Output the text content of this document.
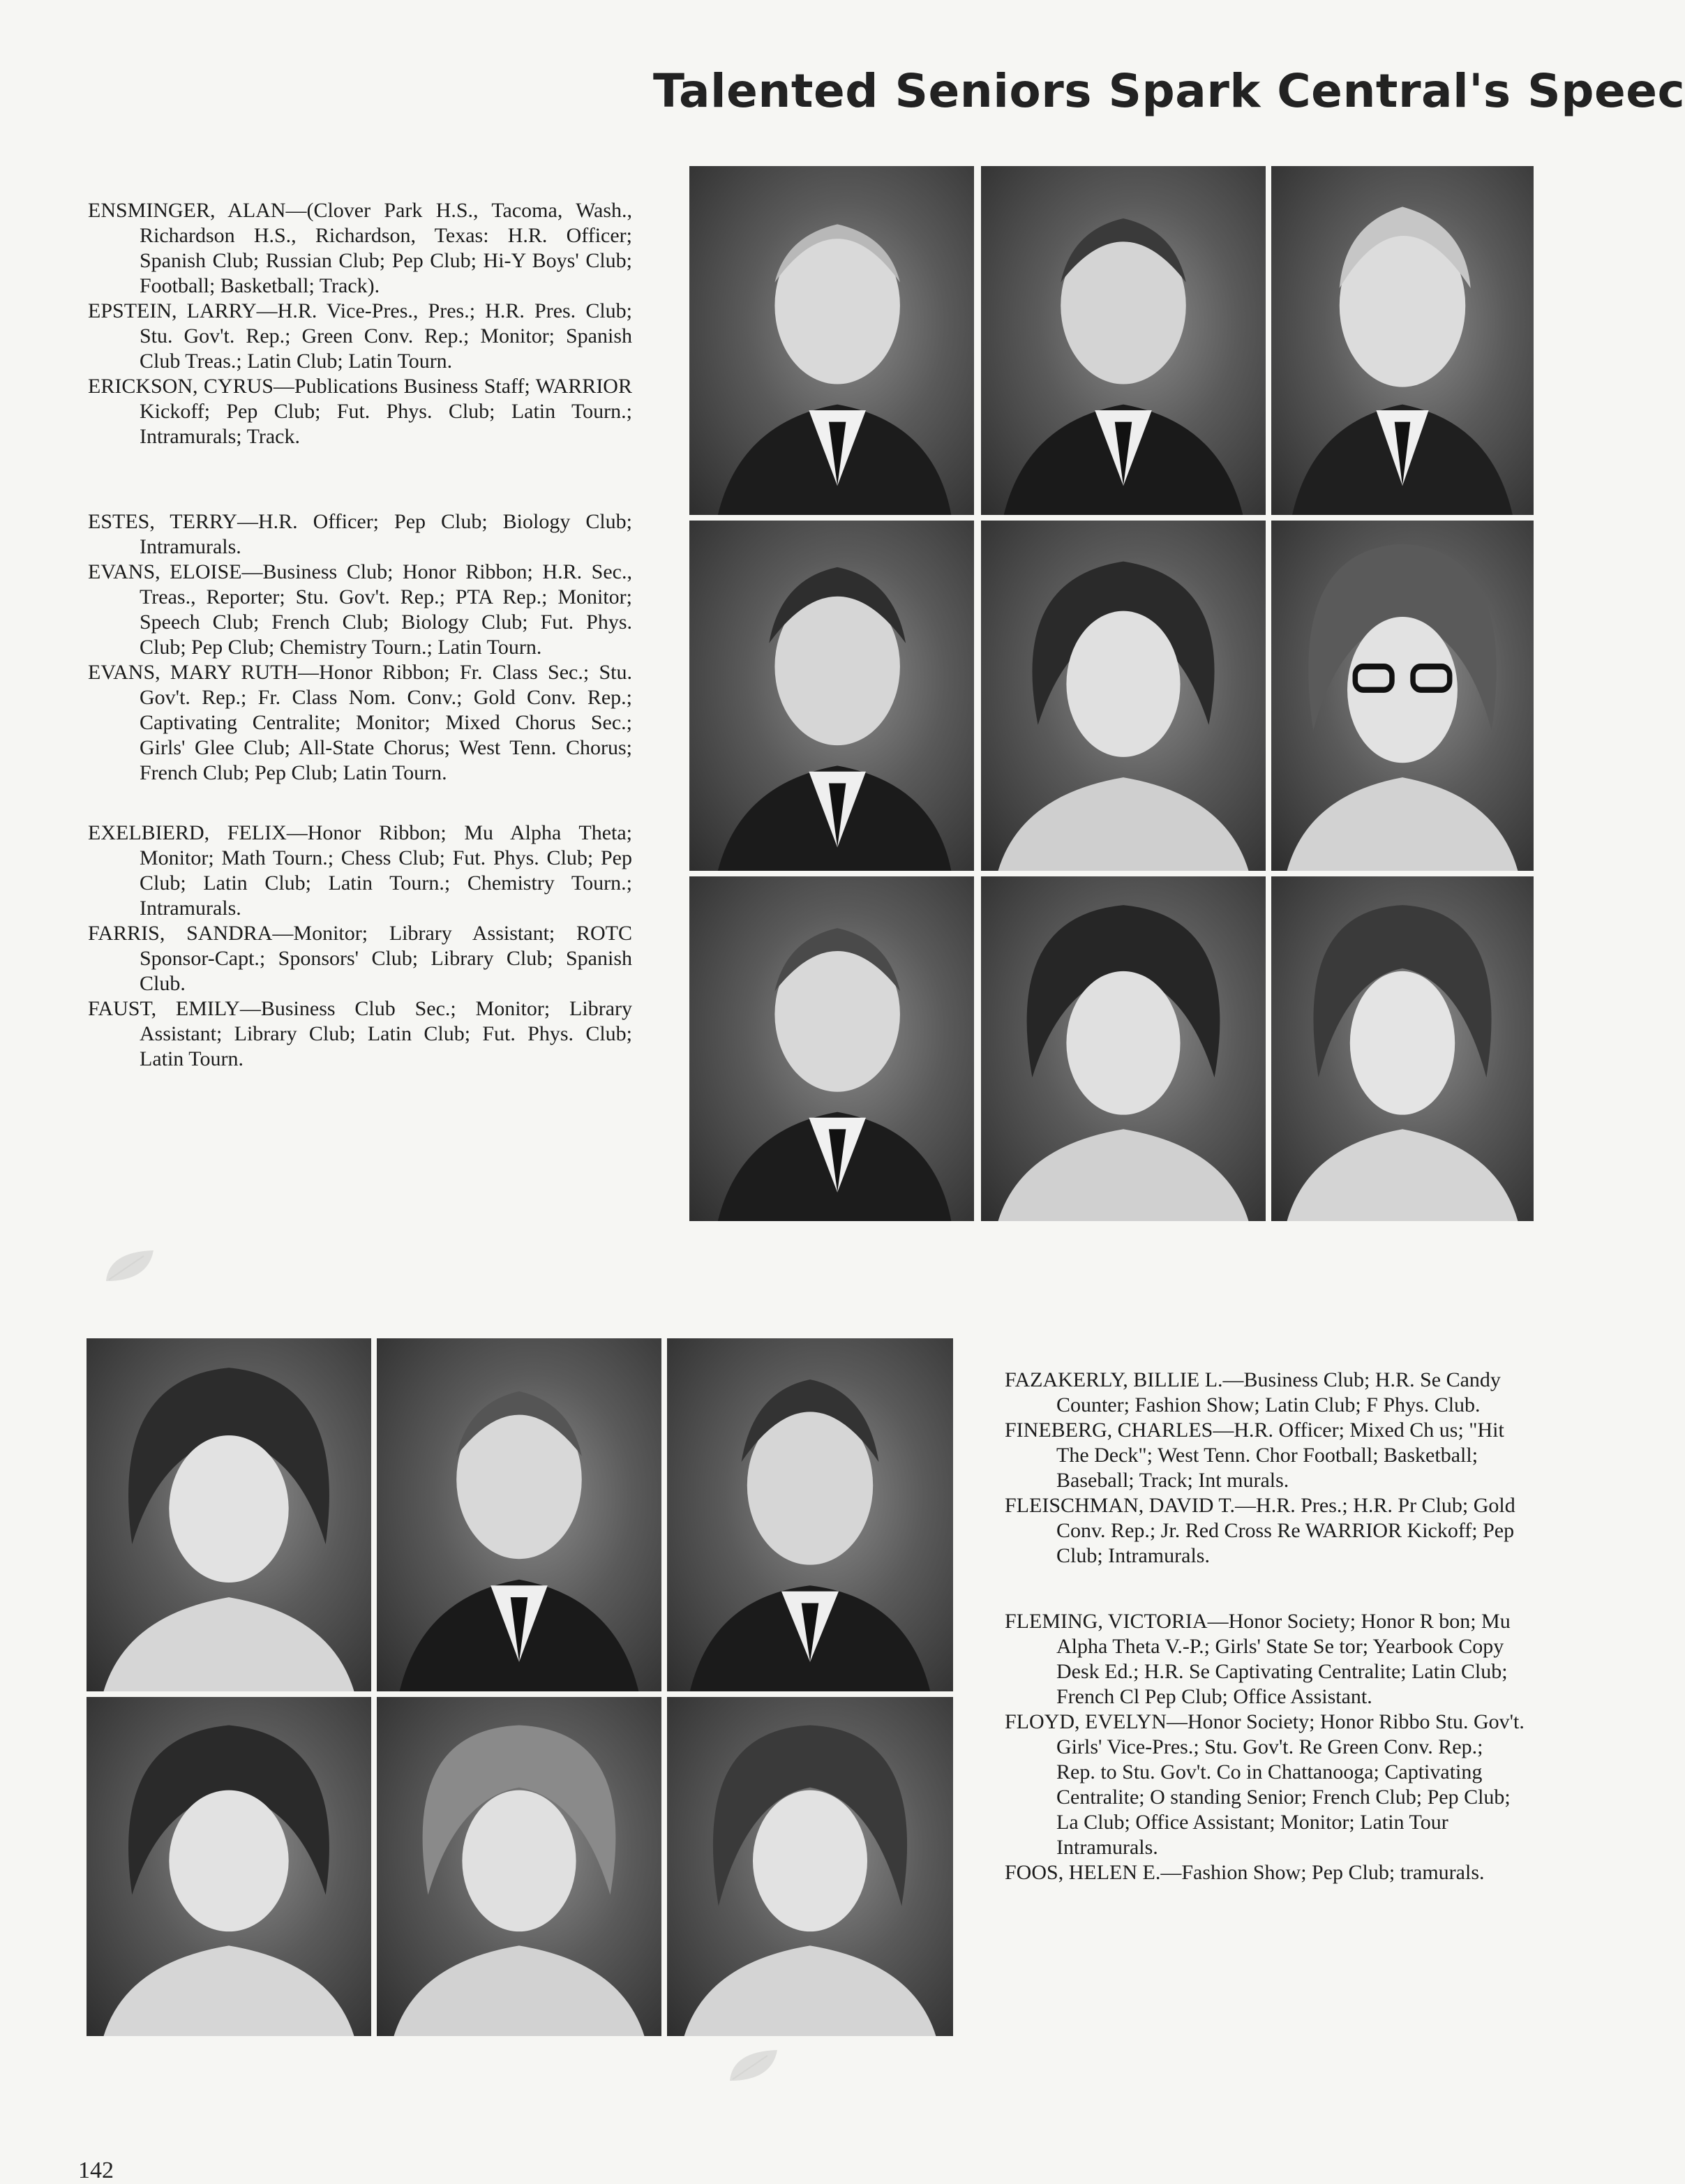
Talented Seniors Spark Central's Speec

ENSMINGER, ALAN—(Clover Park H.S., Tacoma, Wash., Richardson H.S., Richardson, Texas: H.R. Officer; Spanish Club; Russian Club; Pep Club; Hi-Y Boys' Club; Football; Basketball; Track).

EPSTEIN, LARRY—H.R. Vice-Pres., Pres.; H.R. Pres. Club; Stu. Gov't. Rep.; Green Conv. Rep.; Monitor; Spanish Club Treas.; Latin Club; Latin Tourn.

ERICKSON, CYRUS—Publications Business Staff; WARRIOR Kickoff; Pep Club; Fut. Phys. Club; Latin Tourn.; Intramurals; Track.

ESTES, TERRY—H.R. Officer; Pep Club; Biology Club; Intramurals.

EVANS, ELOISE—Business Club; Honor Ribbon; H.R. Sec., Treas., Reporter; Stu. Gov't. Rep.; PTA Rep.; Monitor; Speech Club; French Club; Biology Club; Fut. Phys. Club; Pep Club; Chemistry Tourn.; Latin Tourn.

EVANS, MARY RUTH—Honor Ribbon; Fr. Class Sec.; Stu. Gov't. Rep.; Fr. Class Nom. Conv.; Gold Conv. Rep.; Captivating Centralite; Monitor; Mixed Chorus Sec.; Girls' Glee Club; All-State Chorus; West Tenn. Chorus; French Club; Pep Club; Latin Tourn.

EXELBIERD, FELIX—Honor Ribbon; Mu Alpha Theta; Monitor; Math Tourn.; Chess Club; Fut. Phys. Club; Pep Club; Latin Club; Latin Tourn.; Chemistry Tourn.; Intramurals.

FARRIS, SANDRA—Monitor; Library Assistant; ROTC Sponsor-Capt.; Sponsors' Club; Library Club; Spanish Club.

FAUST, EMILY—Business Club Sec.; Monitor; Library Assistant; Library Club; Latin Club; Fut. Phys. Club; Latin Tourn.

FAZAKERLY, BILLIE L.—Business Club; H.R. Se Candy Counter; Fashion Show; Latin Club; F Phys. Club.

FINEBERG, CHARLES—H.R. Officer; Mixed Ch us; "Hit The Deck"; West Tenn. Chor Football; Basketball; Baseball; Track; Int murals.

FLEISCHMAN, DAVID T.—H.R. Pres.; H.R. Pr Club; Gold Conv. Rep.; Jr. Red Cross Re WARRIOR Kickoff; Pep Club; Intramurals.

FLEMING, VICTORIA—Honor Society; Honor R bon; Mu Alpha Theta V.-P.; Girls' State Se tor; Yearbook Copy Desk Ed.; H.R. Se Captivating Centralite; Latin Club; French Cl Pep Club; Office Assistant.

FLOYD, EVELYN—Honor Society; Honor Ribbo Stu. Gov't. Girls' Vice-Pres.; Stu. Gov't. Re Green Conv. Rep.; Rep. to Stu. Gov't. Co in Chattanooga; Captivating Centralite; O standing Senior; French Club; Pep Club; La Club; Office Assistant; Monitor; Latin Tour Intramurals.

FOOS, HELEN E.—Fashion Show; Pep Club; tramurals.

142
